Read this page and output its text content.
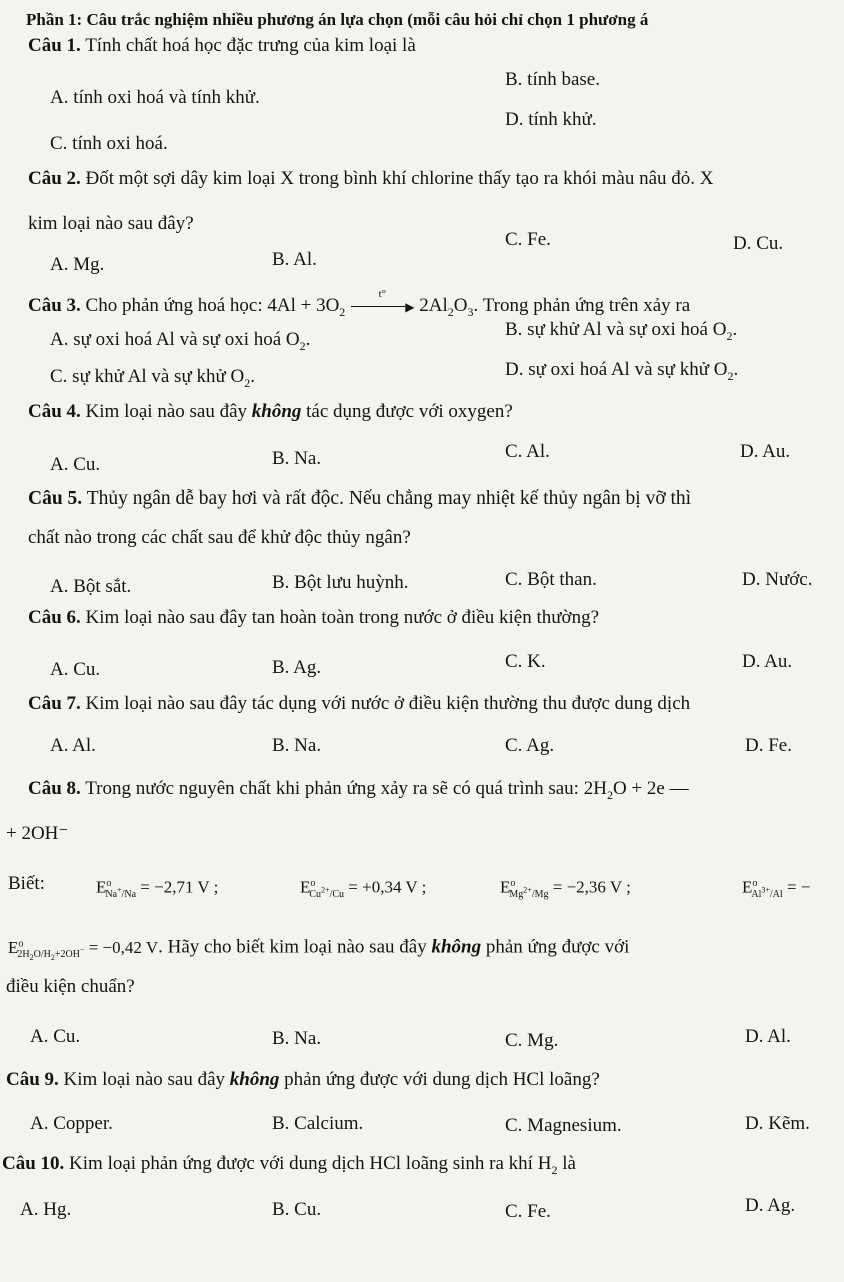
Phần 1: Câu trắc nghiệm nhiều phương án lựa chọn (mỗi câu hỏi chỉ chọn 1 phương á
Câu 1. Tính chất hoá học đặc trưng của kim loại là
B. tính base.
A. tính oxi hoá và tính khử.
D. tính khử.
C. tính oxi hoá.
Câu 2. Đốt một sợi dây kim loại X trong bình khí chlorine thấy tạo ra khói màu nâu đỏ. X
kim loại nào sau đây?
C. Fe.	D. Cu.
A. Mg.	B. Al.
Câu 3. Cho phản ứng hoá học: $4Al + 3O_2$
t°
▶ $2Al_2O_3$. Trong phản ứng trên xảy ra
B. sự khử Al và sự oxi hoá $O_2$.
A. sự oxi hoá Al và sự oxi hoá $O_2$.
D. sự oxi hoá Al và sự khử $O_2$.
C. sự khử Al và sự khử $O_2$.
Câu 4. Kim loại nào sau đây không tác dụng được với oxygen?
C. Al.	D. Au.
A. Cu.	B. Na.
Câu 5. Thủy ngân dễ bay hơi và rất độc. Nếu chẳng may nhiệt kế thủy ngân bị vỡ thì
chất nào trong các chất sau để khử độc thủy ngân?
A. Bột sắt.	B. Bột lưu huỳnh.	C. Bột than.	D. Nước.
Câu 6. Kim loại nào sau đây tan hoàn toàn trong nước ở điều kiện thường?
C. K.	D. Au.
A. Cu.	B. Ag.
Câu 7. Kim loại nào sau đây tác dụng với nước ở điều kiện thường thu được dung dịch
A. Al.	B. Na.	C. Ag.	D. Fe.
Câu 8. Trong nước nguyên chất khi phản ứng xảy ra sẽ có quá trình sau: $2H_2O + 2e$ —
+ 2OH⁻
Biết:	$E^o_{Na^+/Na} = -2,71$ V ;	$E^o_{Cu^{2+}/Cu} = +0,34$ V ;	$E^o_{Mg^{2+}/Mg} = -2,36$ V ;	$E^o_{Al^{3+}/Al}$ = −
$E^o_{2H_2O/H_2+2OH^-} = -0,42$ V. Hãy cho biết kim loại nào sau đây không phản ứng được với
điều kiện chuẩn?
A. Cu.	B. Na.	C. Mg.	D. Al.
Câu 9. Kim loại nào sau đây không phản ứng được với dung dịch HCl loãng?
A. Copper.	B. Calcium.	C. Magnesium.	D. Kẽm.
Câu 10. Kim loại phản ứng được với dung dịch HCl loãng sinh ra khí $H_2$ là
A. Hg.	B. Cu.	C. Fe.	D. Ag.
